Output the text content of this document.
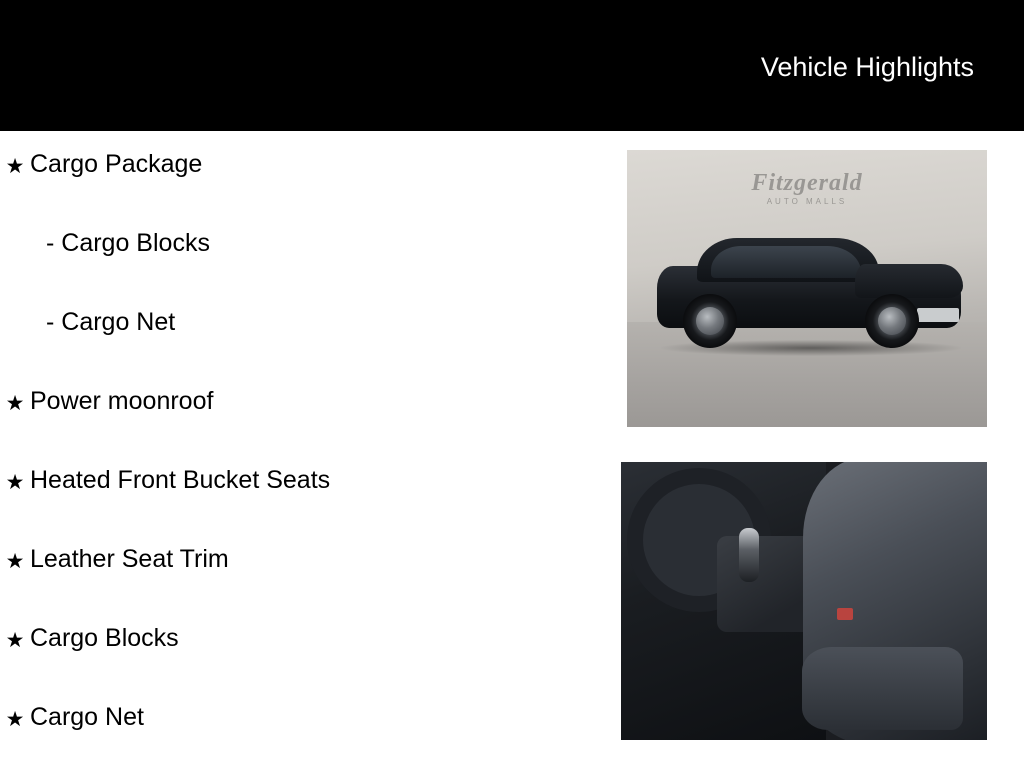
Vehicle Highlights
★ Cargo Package
- Cargo Blocks
- Cargo Net
★ Power moonroof
★ Heated Front Bucket Seats
★ Leather Seat Trim
★ Cargo Blocks
★ Cargo Net
Fitzgerald
AUTO MALLS
